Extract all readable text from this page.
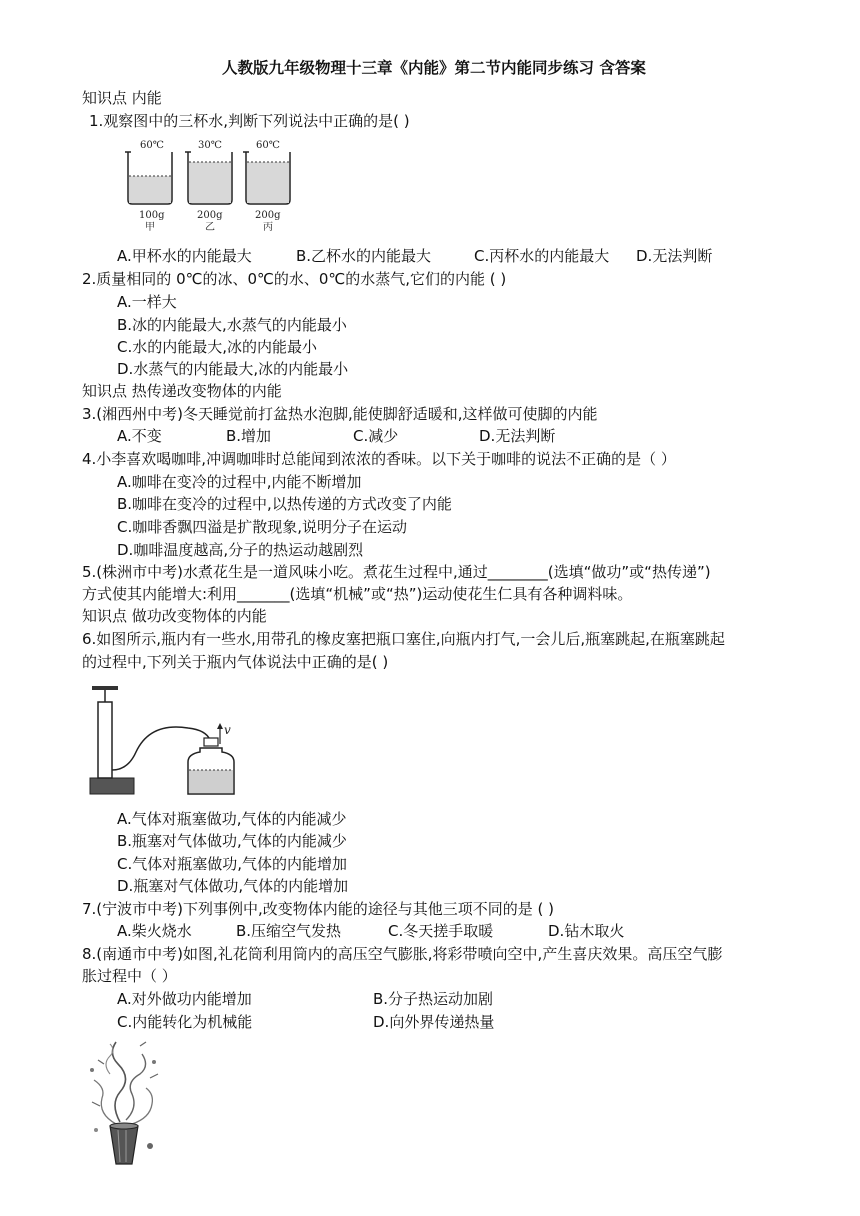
人教版九年级物理十三章《内能》第二节内能同步练习 含答案
知识点 内能
1.观察图中的三杯水,判断下列说法中正确的是( )
60℃
100g
甲
30℃
200g
乙
60℃
200g
丙
A.甲杯水的内能最大	B.乙杯水的内能最大	C.丙杯水的内能最大 D.无法判断
2.质量相同的 0℃的冰、0℃的水、0℃的水蒸气,它们的内能 ( )
A.一样大
B.冰的内能最大,水蒸气的内能最小
C.水的内能最大,冰的内能最小
D.水蒸气的内能最大,冰的内能最小
知识点 热传递改变物体的内能
3.(湘西州中考)冬天睡觉前打盆热水泡脚,能使脚舒适暖和,这样做可使脚的内能
A.不变	B.增加	C.减少	D.无法判断
4.小李喜欢喝咖啡,冲调咖啡时总能闻到浓浓的香味。以下关于咖啡的说法不正确的是（ ）
A.咖啡在变冷的过程中,内能不断增加
B.咖啡在变冷的过程中,以热传递的方式改变了内能
C.咖啡香飘四溢是扩散现象,说明分子在运动
D.咖啡温度越高,分子的热运动越剧烈
5.(株洲市中考)水煮花生是一道风味小吃。煮花生过程中,通过________(选填“做功”或“热传递”)
方式使其内能增大:利用_______(选填“机械”或“热”)运动使花生仁具有各种调料味。
知识点 做功改变物体的内能
6.如图所示,瓶内有一些水,用带孔的橡皮塞把瓶口塞住,向瓶内打气,一会儿后,瓶塞跳起,在瓶塞跳起
的过程中,下列关于瓶内气体说法中正确的是( )
v
A.气体对瓶塞做功,气体的内能减少
B.瓶塞对气体做功,气体的内能减少
C.气体对瓶塞做功,气体的内能增加
D.瓶塞对气体做功,气体的内能增加
7.(宁波市中考)下列事例中,改变物体内能的途径与其他三项不同的是 ( )
A.柴火烧水	B.压缩空气发热	C.冬天搓手取暖	D.钻木取火
8.(南通市中考)如图,礼花筒利用筒内的高压空气膨胀,将彩带喷向空中,产生喜庆效果。高压空气膨
胀过程中（ ）
A.对外做功内能增加	B.分子热运动加剧
C.内能转化为机械能	D.向外界传递热量
